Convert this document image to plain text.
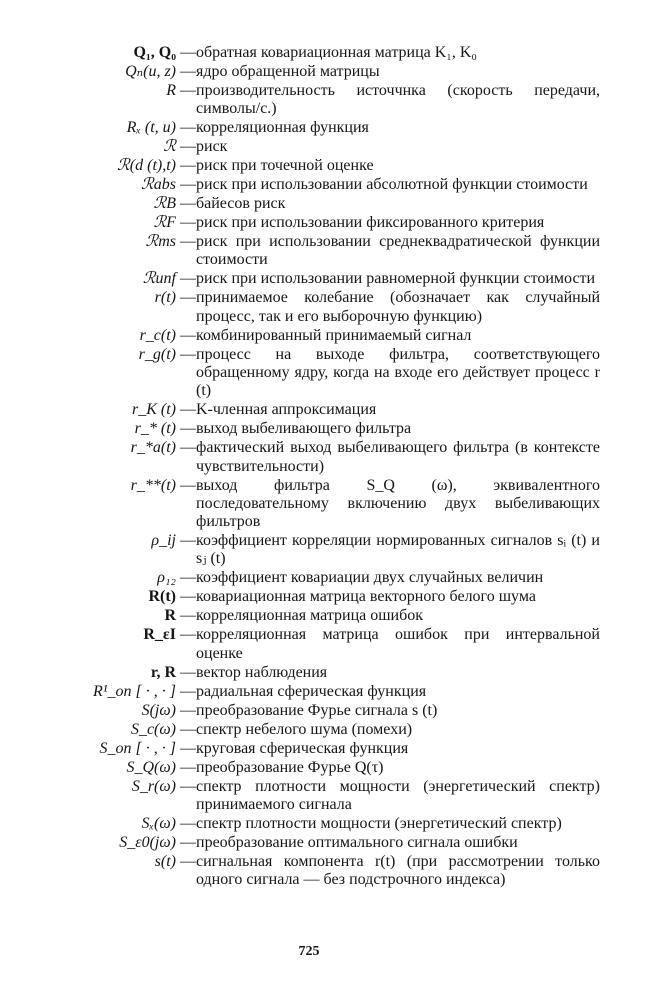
Q₁, Q₀ — обратная ковариационная матрица K₁, K₀
Qₙ(u, z) — ядро обращенной матрицы
R — производительность источчнка (скорость передачи, символы/с.)
Rₓ (t, u) — корреляционная функция
ℛ — риск
ℛ(d (t),t) — риск при точечной оценке
ℛabs — риск при использовании абсолютной функции стоимости
ℛB — байесов риск
ℛF — риск при использовании фиксированного критерия
ℛms — риск при использовании среднеквадратической функции стоимости
ℛunf — риск при использовании равномерной функции стоимости
r(t) — принимаемое колебание (обозначает как случайный процесс, так и его выборочную функцию)
r_c(t) — комбинированный принимаемый сигнал
r_g(t) — процесс на выходе фильтра, соответствующего обращенному ядру, когда на входе его действует процесс r (t)
r_K (t) — K-членная аппроксимация
r_* (t) — выход выбеливающего фильтра
r_*a(t) — фактический выход выбеливающего фильтра (в контексте чувствительности)
r_**(t) — выход фильтра S_Q (ω), эквивалентного последовательному включению двух выбеливающих фильтров
ρ_ij — коэффициент корреляции нормированных сигналов sᵢ (t) и sⱼ (t)
ρ₁₂ — коэффициент ковариации двух случайных величин
R(t) — ковариационная матрица векторного белого шума
R — корреляционная матрица ошибок
R_εI — корреляционная матрица ошибок при интервальной оценке
r, R — вектор наблюдения
R¹_on [ · , · ] — радиальная сферическая функция
S(jω) — преобразование Фурье сигнала s (t)
S_c(ω) — спектр небелого шума (помехи)
S_on [ · , · ] — круговая сферическая функция
S_Q(ω) — преобразование Фурье Q(τ)
S_r(ω) — спектр плотности мощности (энергетический спектр) принимаемого сигнала
Sₓ(ω) — спектр плотности мощности (энергетический спектр)
S_ε0(jω) — преобразование оптимального сигнала ошибки
s(t) — сигнальная компонента r(t) (при рассмотрении только одного сигнала — без подстрочного индекса)
725
